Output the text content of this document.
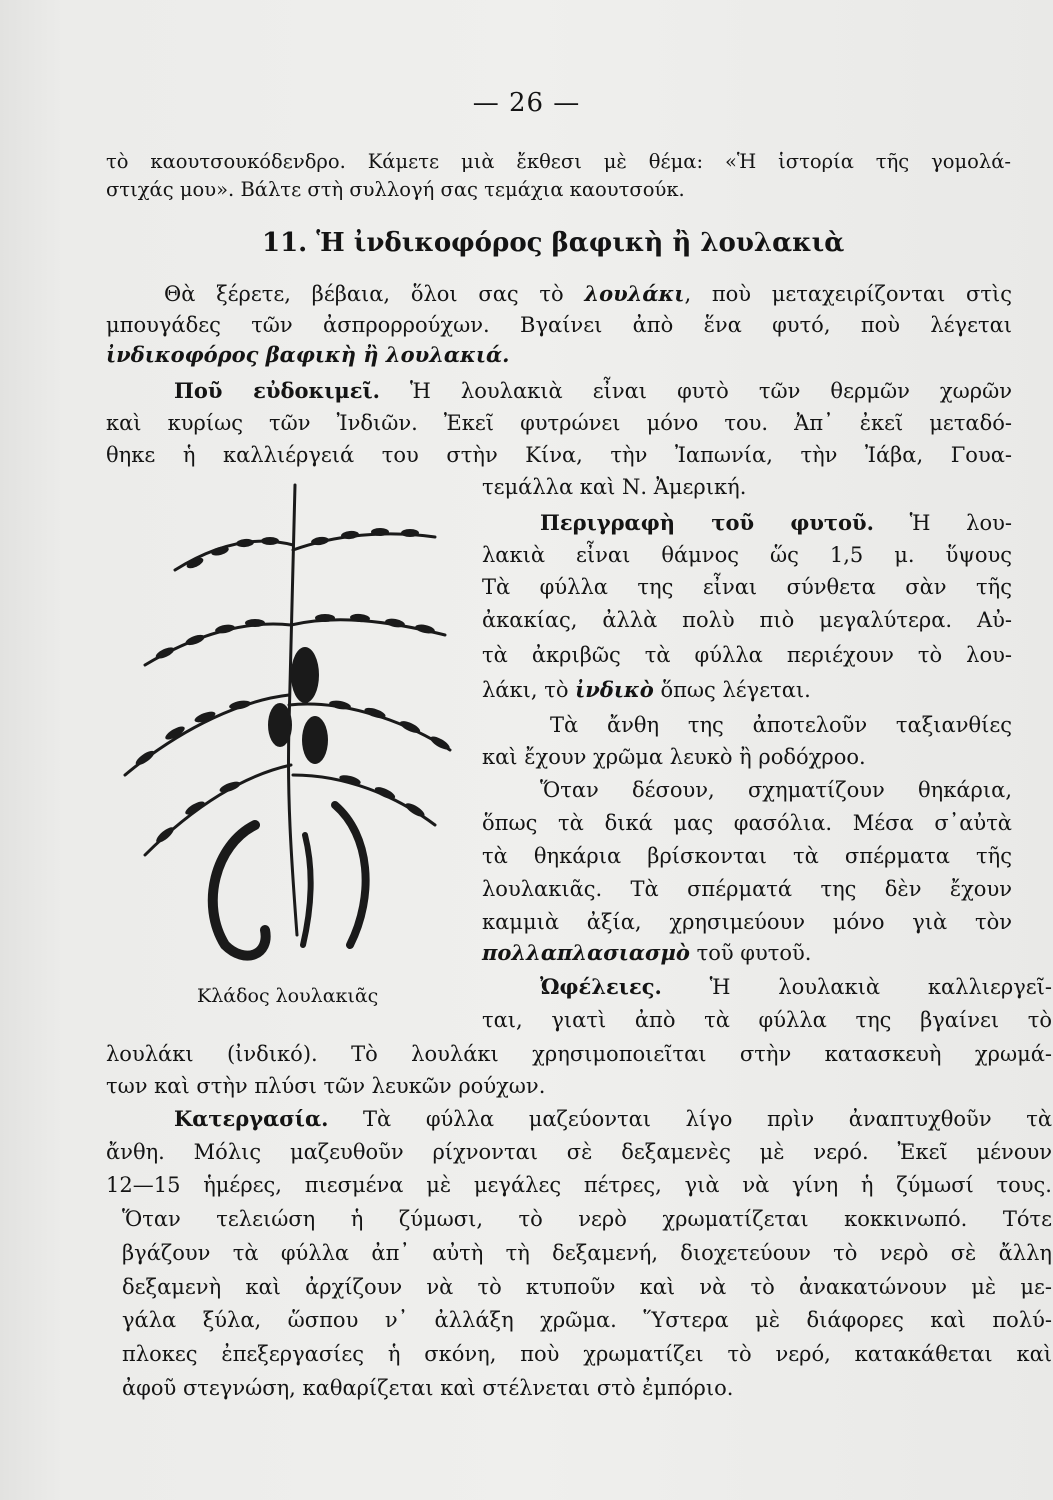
— 26 —
τὸ καουτσουκόδενδρο. Κάμετε μιὰ ἔκθεσι μὲ θέμα: «Ἡ ἱστορία τῆς γομολά-
στιχάς μου». Βάλτε στὴ συλλογή σας τεμάχια καουτσούκ.
11. Ἡ ἰνδικοφόρος βαφικὴ ἢ λουλακιὰ
Θὰ ξέρετε, βέβαια, ὅλοι σας τὸ λουλάκι, ποὺ μεταχειρίζονται στὶς
μπουγάδες τῶν ἀσπρορρούχων. Βγαίνει ἀπὸ ἕνα φυτό, ποὺ λέγεται
ἰνδικοφόρος βαφικὴ ἢ λουλακιά.
Ποῦ εὐδοκιμεῖ. Ἡ λουλακιὰ εἶναι φυτὸ τῶν θερμῶν χωρῶν
καὶ κυρίως τῶν Ἰνδιῶν. Ἐκεῖ φυτρώνει μόνο του. Ἀπ᾽ ἐκεῖ μεταδό-
θηκε ἡ καλλιέργειά του στὴν Κίνα, τὴν Ἰαπωνία, τὴν Ἰάβα, Γουα-
τεμάλλα καὶ Ν. Ἀμερική.
Κλάδος λουλακιᾶς
Περιγραφὴ τοῦ φυτοῦ. Ἡ λου-
λακιὰ εἶναι θάμνος ὥς 1,5 μ. ὕψους
Τὰ φύλλα της εἶναι σύνθετα σὰν τῆς
ἀκακίας, ἀλλὰ πολὺ πιὸ μεγαλύτερα. Αὐ-
τὰ ἀκριβῶς τὰ φύλλα περιέχουν τὸ λου-
λάκι, τὸ ἰνδικὸ ὅπως λέγεται.
Τὰ ἄνθη της ἀποτελοῦν ταξιανθίες
καὶ ἔχουν χρῶμα λευκὸ ἢ ροδόχροο.
Ὅταν δέσουν, σχηματίζουν θηκάρια,
ὅπως τὰ δικά μας φασόλια. Μέσα σ᾽αὐτὰ
τὰ θηκάρια βρίσκονται τὰ σπέρματα τῆς
λουλακιᾶς. Τὰ σπέρματά της δὲν ἔχουν
καμμιὰ ἀξία, χρησιμεύουν μόνο γιὰ τὸν
πολλαπλασιασμὸ τοῦ φυτοῦ.
Ὠφέλειες. Ἡ λουλακιὰ καλλιεργεῖ-
ται, γιατὶ ἀπὸ τὰ φύλλα της βγαίνει τὸ
λουλάκι (ἰνδικό). Τὸ λουλάκι χρησιμοποιεῖται στὴν κατασκευὴ χρωμά-
των καὶ στὴν πλύσι τῶν λευκῶν ρούχων.
Κατεργασία. Τὰ φύλλα μαζεύονται λίγο πρὶν ἀναπτυχθοῦν τὰ
ἄνθη. Μόλις μαζευθοῦν ρίχνονται σὲ δεξαμενὲς μὲ νερό. Ἐκεῖ μένουν
12—15 ἡμέρες, πιεσμένα μὲ μεγάλες πέτρες, γιὰ νὰ γίνη ἡ ζύμωσί τους.
Ὅταν τελειώση ἡ ζύμωσι, τὸ νερὸ χρωματίζεται κοκκινωπό. Τότε
βγάζουν τὰ φύλλα ἀπ᾽ αὐτὴ τὴ δεξαμενή, διοχετεύουν τὸ νερὸ σὲ ἄλλη
δεξαμενὴ καὶ ἀρχίζουν νὰ τὸ κτυποῦν καὶ νὰ τὸ ἀνακατώνουν μὲ με-
γάλα ξύλα, ὥσπου ν᾽ ἀλλάξη χρῶμα. Ὕστερα μὲ διάφορες καὶ πολύ-
πλοκες ἐπεξεργασίες ἡ σκόνη, ποὺ χρωματίζει τὸ νερό, κατακάθεται καὶ
ἀφοῦ στεγνώση, καθαρίζεται καὶ στέλνεται στὸ ἐμπόριο.
